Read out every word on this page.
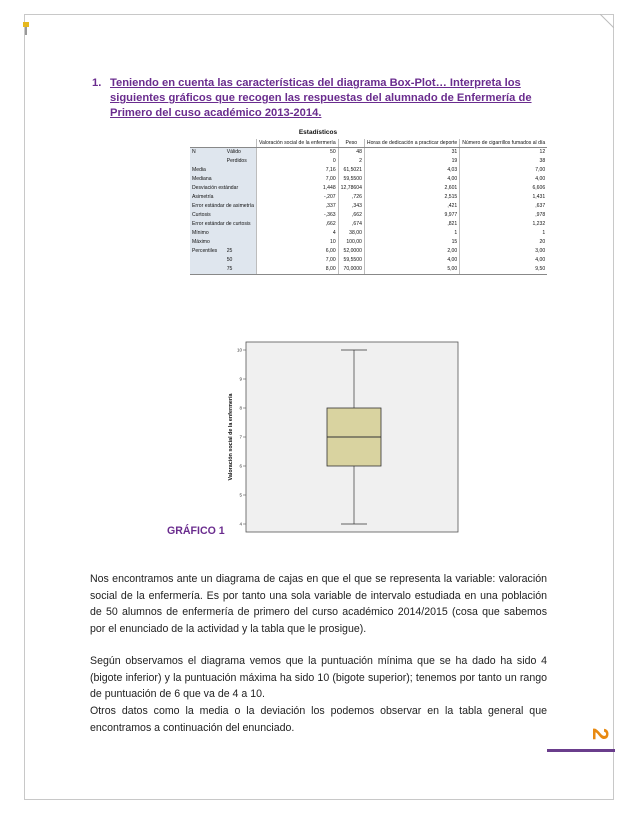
1. Teniendo en cuenta las características del diagrama Box-Plot… Interpreta los siguientes gráficos que recogen las respuestas del alumnado de Enfermería de Primero del cuso académico 2013-2014.
Estadísticos
		Valoración social de la enfermería	Peso	Horas de dedicación a practicar deporte	Número de cigarrillos fumados al día
N	Válido	50	48	31	12
	Perdidos	0	2	19	38
Media		7,16	61,5021	4,03	7,00
Mediana		7,00	59,5500	4,00	4,00
Desviación estándar		1,448	12,78604	2,601	6,606
Asimetría		-,207	,726	2,515	1,431
Error estándar de asimetría		,337	,343	,421	,637
Curtosis		-,363	,662	9,977	,978
Error estándar de curtosis		,662	,674	,821	1,232
Mínimo		4	38,00	1	1
Máximo		10	100,00	15	20
Percentiles	25	6,00	52,0000	2,00	3,00
	50	7,00	59,5500	4,00	4,00
	75	8,00	70,0000	5,00	9,50
4
5
6
7
8
9
10
Valoración social de la enfermería
GRÁFICO 1

Nos encontramos ante un diagrama de cajas en que el que se representa la variable: valoración social de la enfermería. Es por tanto una sola variable de intervalo estudiada en una población de 50 alumnos de enfermería de primero del curso académico 2014/2015 (cosa que sabemos por el enunciado de la actividad y la tabla que le prosigue).

Según observamos el diagrama vemos que la puntuación mínima que se ha dado ha sido 4 (bigote inferior) y la puntuación máxima ha sido 10 (bigote superior); tenemos por tanto un rango de puntuación de 6 que va de 4 a 10.

Otros datos como la media o la deviación los podemos observar en la tabla general que encontramos a continuación del enunciado.

2
